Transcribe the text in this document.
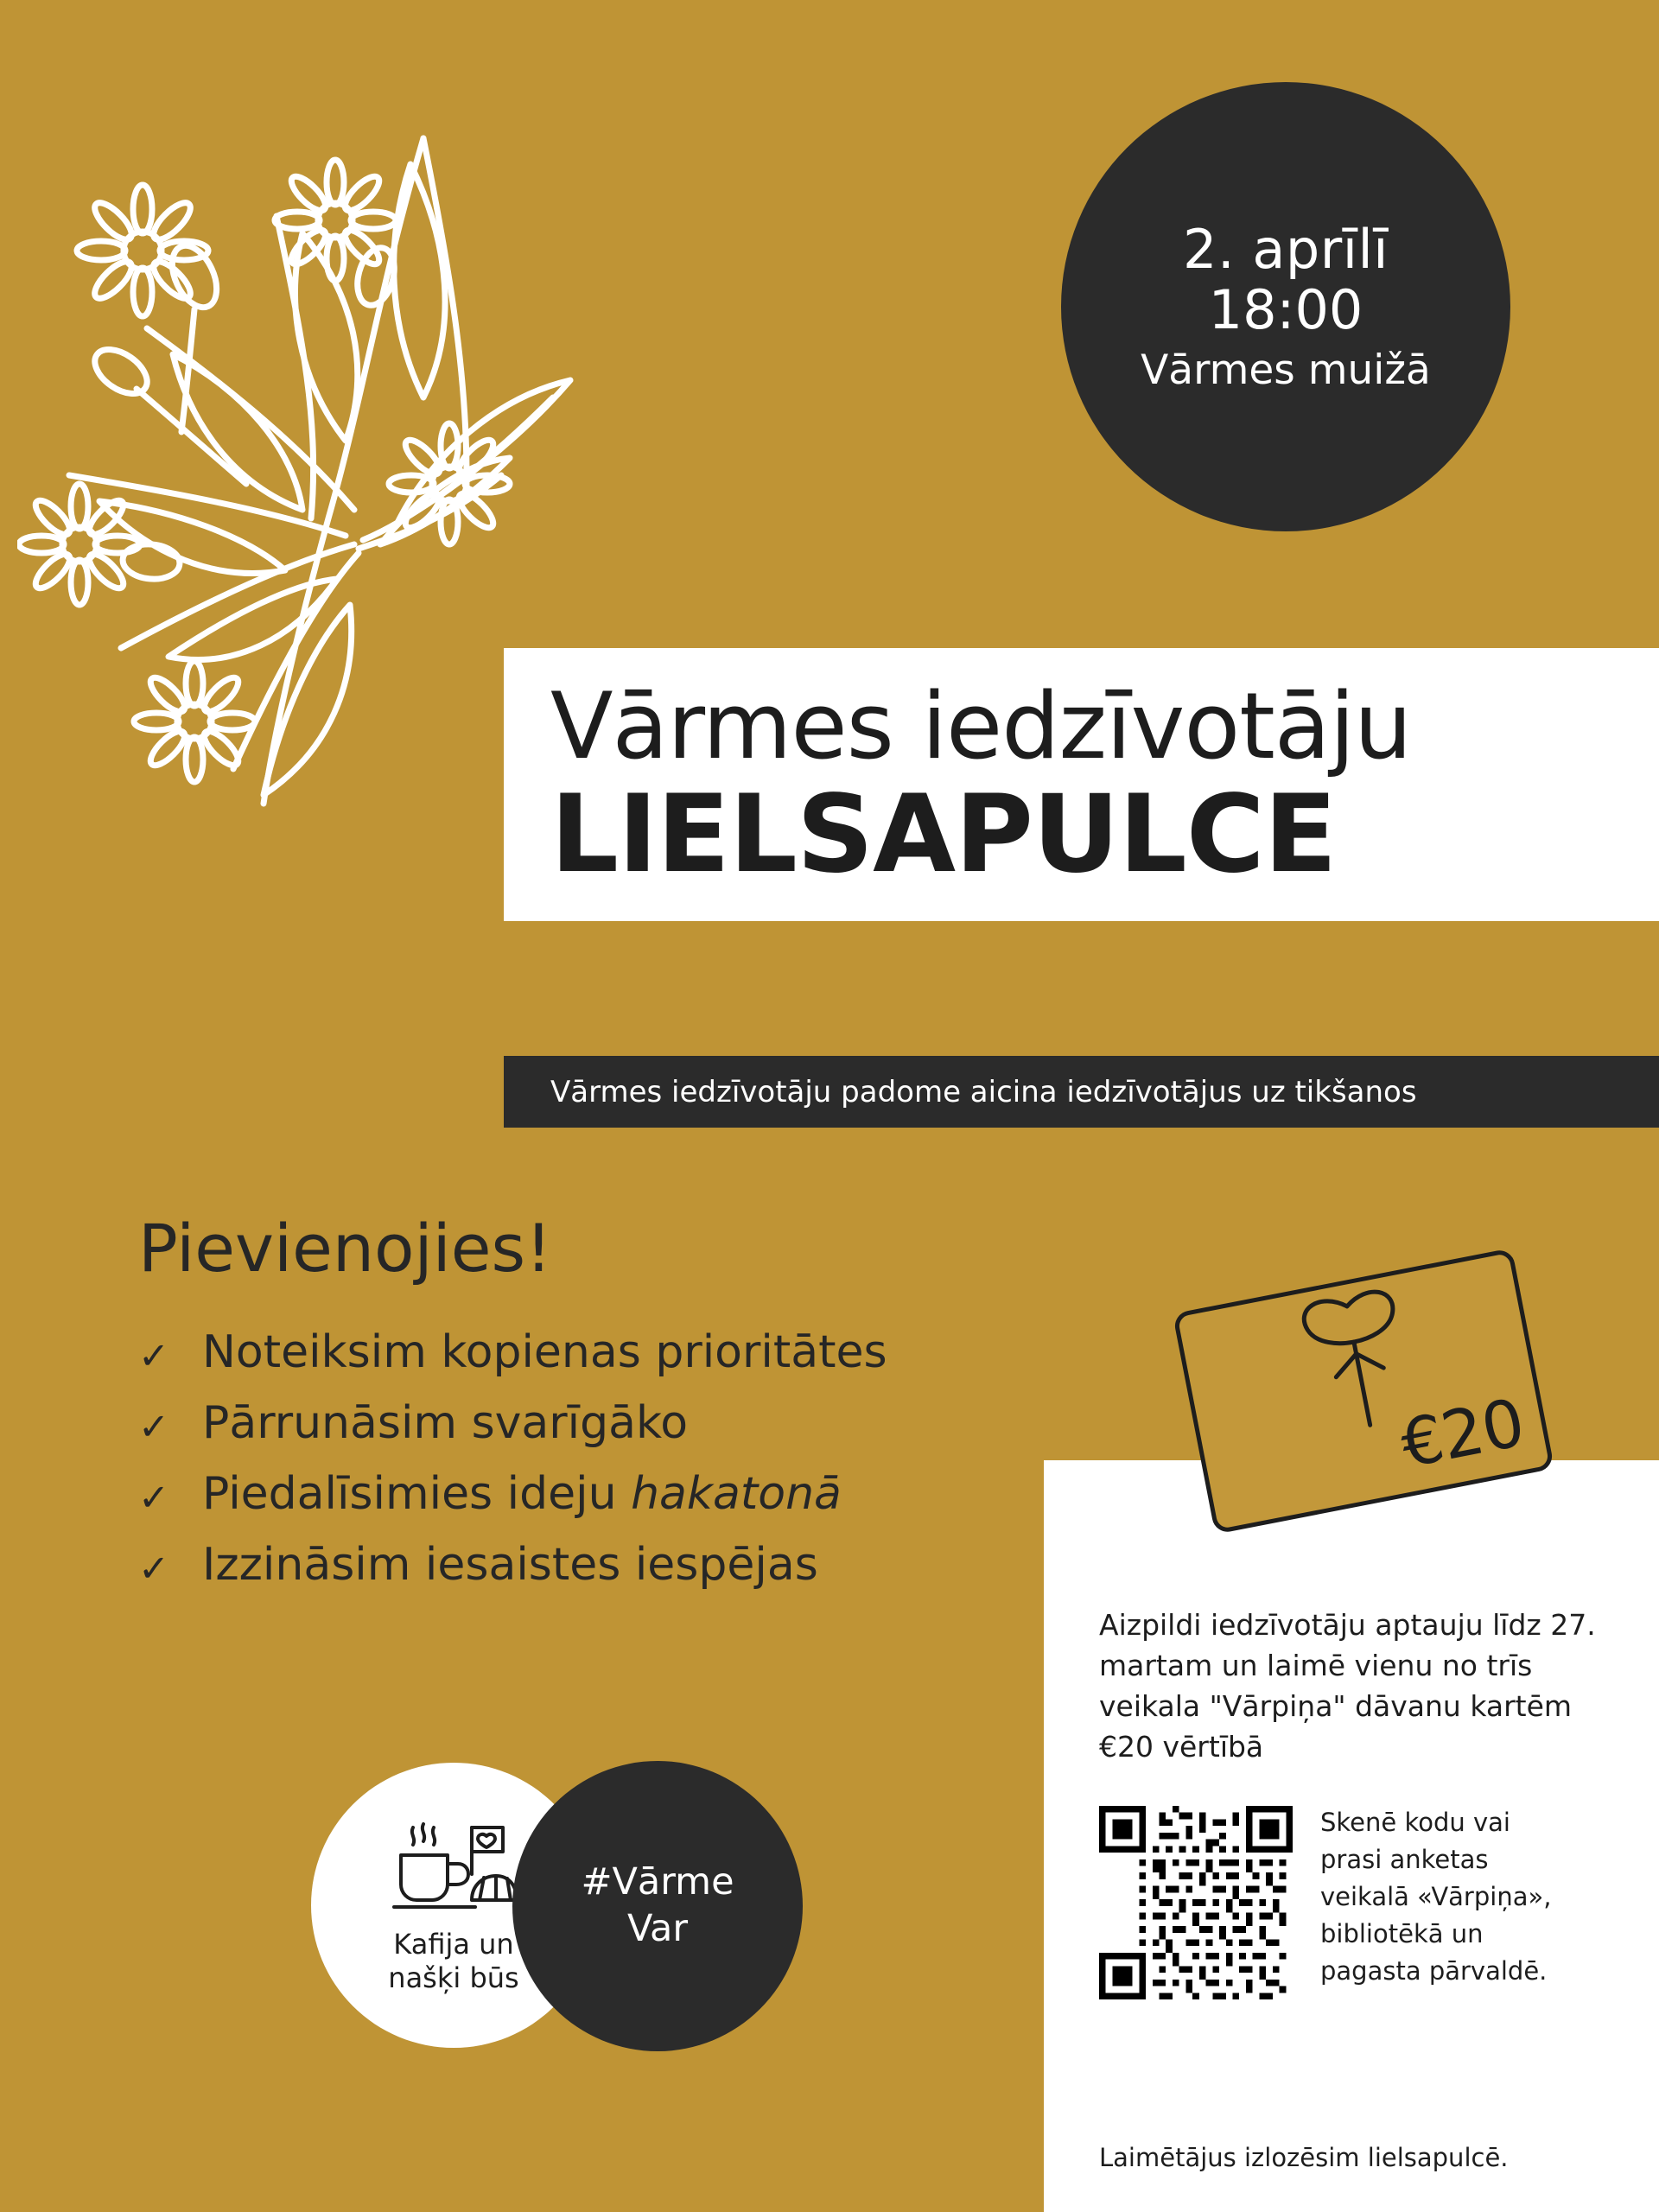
2. aprīlī
18:00
Vārmes muižā
Vārmes iedzīvotāju
LIELSAPULCE
Vārmes iedzīvotāju padome aicina iedzīvotājus uz tikšanos
Pievienojies!
✓ Noteiksim kopienas prioritātes
✓ Pārrunāsim svarīgāko
✓ Piedalīsimies ideju hakatonā
✓ Izzināsim iesaistes iespējas
Aizpildi iedzīvotāju aptauju līdz 27. martam un laimē vienu no trīs veikala "Vārpiņa" dāvanu kartēm €20 vērtībā
Skenē kodu vai prasi anketas veikalā «Vārpiņa», bibliotēkā un pagasta pārvaldē.
Laimētājus izlozēsim lielsapulcē.
€20
Kafija un
našķi būs
#Vārme
Var
